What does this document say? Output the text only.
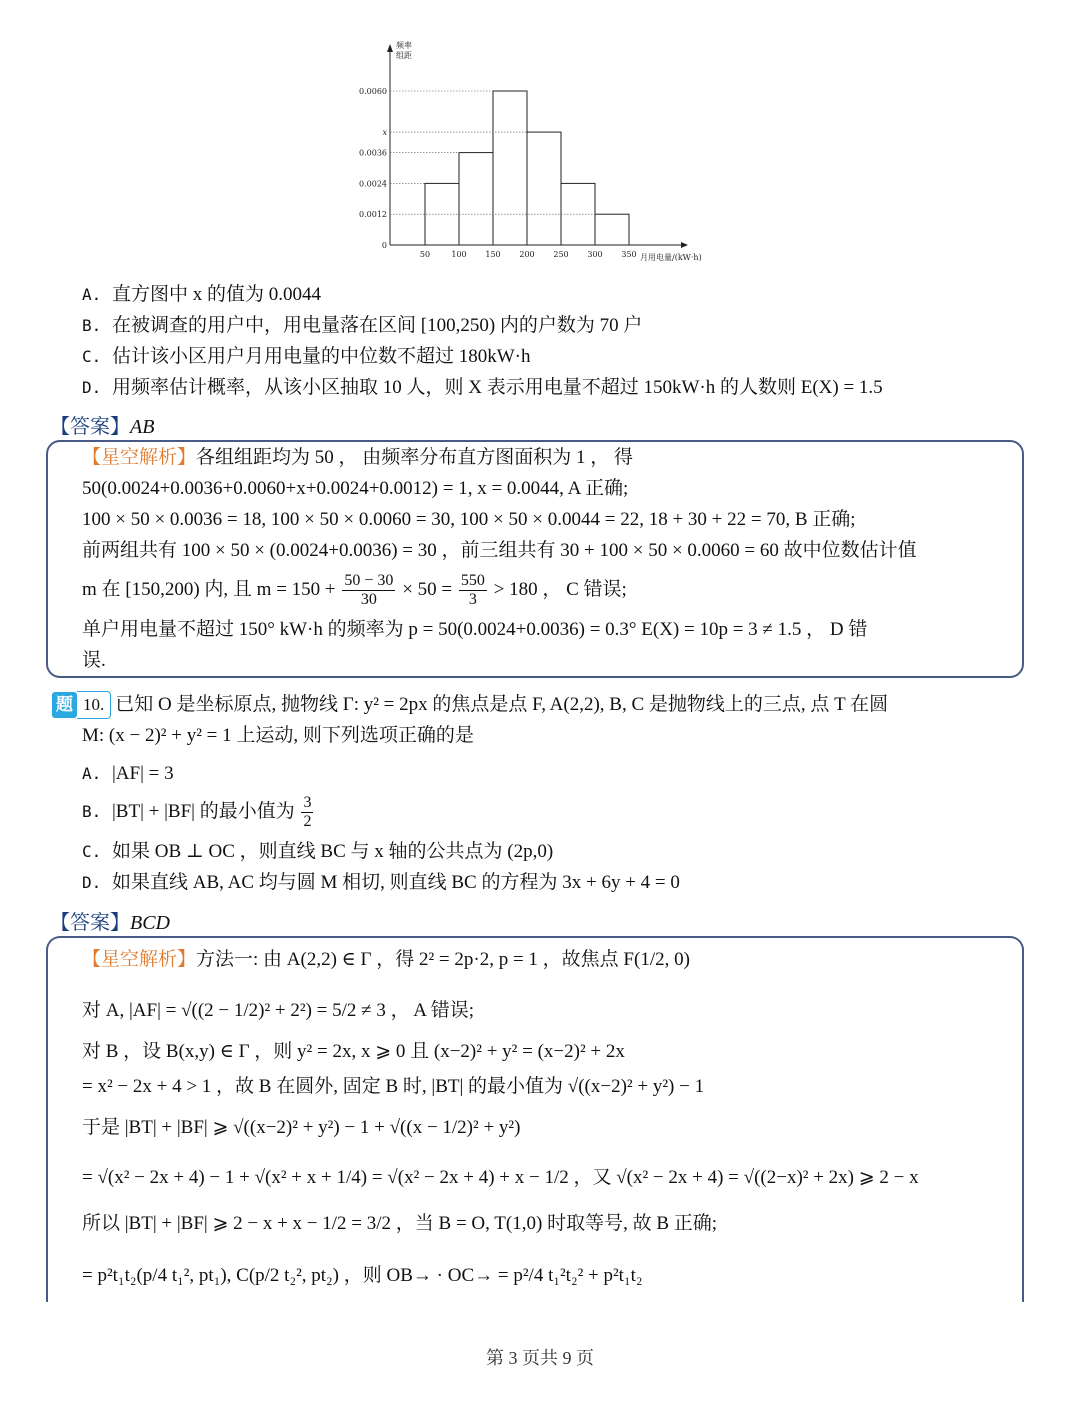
0
0.0012
0.0024
0.0036
x
0.0060
50	100 150 200 250 300 350
频率
组距
月用电量/(kW·h)
A. 直方图中 x 的值为 0.0044
B. 在被调查的用户中，用电量落在区间 [100,250) 内的户数为 70 户
C. 估计该小区用户月用电量的中位数不超过 180kW·h
D. 用频率估计概率，从该小区抽取 10 人，则 X 表示用电量不超过 150kW·h 的人数则 E(X) = 1.5
【答案】AB
【星空解析】各组组距均为 50 ， 由频率分布直方图面积为 1 ， 得
50(0.0024+0.0036+0.0060+x+0.0024+0.0012) = 1, x = 0.0044, A 正确;
100 × 50 × 0.0036 = 18, 100 × 50 × 0.0060 = 30, 100 × 50 × 0.0044 = 22, 18 + 30 + 22 = 70, B 正确;
前两组共有 100 × 50 × (0.0024+0.0036) = 30 ，前三组共有 30 + 100 × 50 × 0.0060 = 60 故中位数估计值
m 在 [150,200) 内, 且 $m = 150 + \frac{50 - 30}{30} \times 50 = \frac{550}{3} > 180$ ， C 错误;
单户用电量不超过 150° kW·h 的频率为 p = 50(0.0024+0.0036) = 0.3° E(X) = 10p = 3 ≠ 1.5 ， D 错
误.
题 10. 已知 O 是坐标原点, 抛物线 Γ: y² = 2px 的焦点是点 F, A(2,2), B, C 是抛物线上的三点, 点 T 在圆
M: (x − 2)² + y² = 1 上运动, 则下列选项正确的是
A. |AF| = 3
B. |BT| + |BF| 的最小值为 $\frac{3}{2}$
C. 如果 OB ⊥ OC ，则直线 BC 与 x 轴的公共点为 (2p,0)
D. 如果直线 AB, AC 均与圆 M 相切, 则直线 BC 的方程为 3x + 6y + 4 = 0
【答案】BCD
【星空解析】方法一: 由 A(2,2) ∈ Γ ，得 2² = 2p·2, p = 1 ，故焦点 F(1/2, 0)
对 A, |AF| = √((2 − 1/2)² + 2²) = 5/2 ≠ 3 ， A 错误;
对 B ，设 B(x,y) ∈ Γ ，则 y² = 2x, x ⩾ 0 且 (x−2)² + y² = (x−2)² + 2x
= x² − 2x + 4 > 1 ，故 B 在圆外, 固定 B 时, |BT| 的最小值为 √((x−2)² + y²) − 1
于是 |BT| + |BF| ⩾ √((x−2)² + y²) − 1 + √((x − 1/2)² + y²)
= √(x² − 2x + 4) − 1 + √(x² + x + 1/4) = √(x² − 2x + 4) + x − 1/2 ，又 √(x² − 2x + 4) = √((2−x)² + 2x) ⩾ 2 − x
所以 |BT| + |BF| ⩾ 2 − x + x − 1/2 = 3/2 ，当 B = O, T(1,0) 时取等号, 故 B 正确;
= p²t₁t₂(p/4 t₁², pt₁), C(p/2 t₂², pt₂) ，则 OB→ · OC→ = p²/4 t₁²t₂² + p²t₁t₂
第 3 页共 9 页
